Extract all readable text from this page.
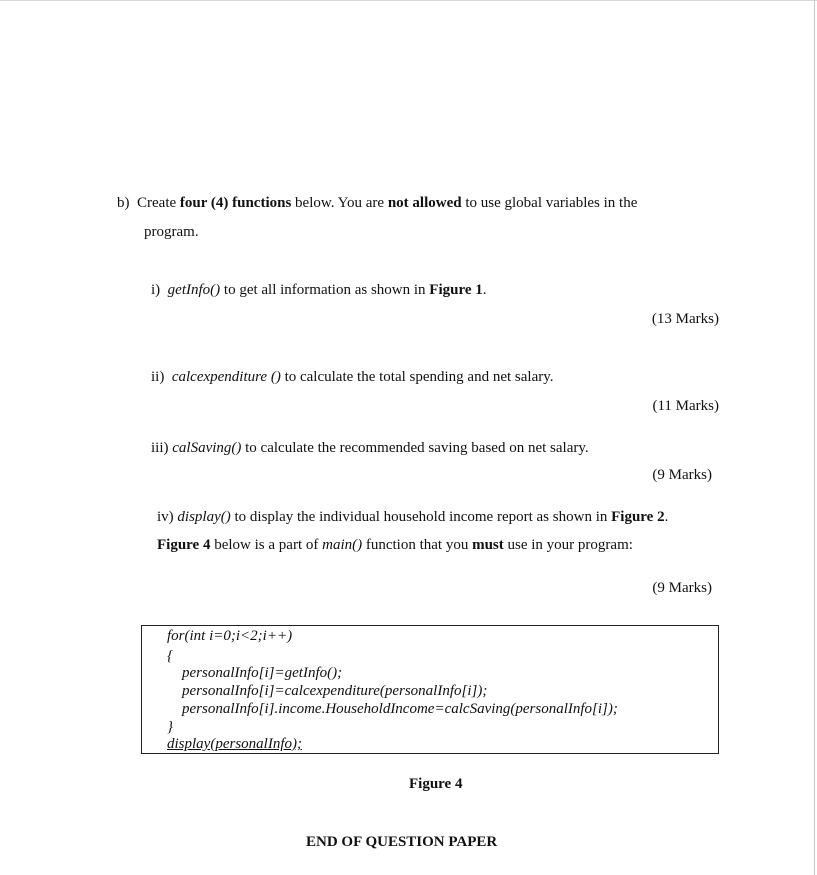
b) Create four (4) functions below. You are not allowed to use global variables in the
program.
i) getInfo() to get all information as shown in Figure 1.
(13 Marks)
ii) calcexpenditure () to calculate the total spending and net salary.
(11 Marks)
iii) calSaving() to calculate the recommended saving based on net salary.
(9 Marks)
iv) display() to display the individual household income report as shown in Figure 2.
Figure 4 below is a part of main() function that you must use in your program:
(9 Marks)
for(int i=0;i<2;i++)
{
personalInfo[i]=getInfo();
personalInfo[i]=calcexpenditure(personalInfo[i]);
personalInfo[i].income.HouseholdIncome=calcSaving(personalInfo[i]);
}
display(personalInfo);
Figure 4
END OF QUESTION PAPER
